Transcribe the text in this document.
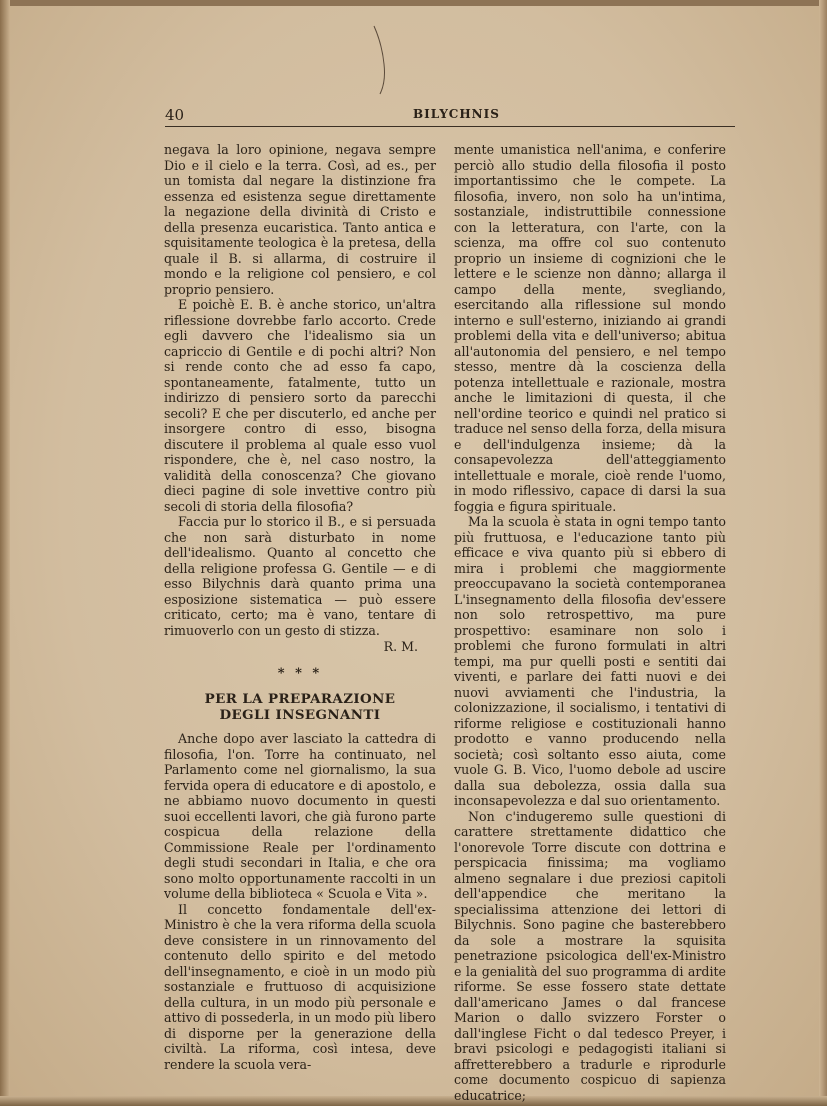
40	BILYCHNIS

negava la loro opinione, negava sempre Dio e il cielo e la terra. Così, ad es., per un tomista dal negare la distinzione fra essenza ed esistenza segue direttamente la negazione della divinità di Cristo e della presenza eucaristica. Tanto antica e squisitamente teologica è la pretesa, della quale il B. si allarma, di costruire il mondo e la religione col pensiero, e col proprio pensiero.

E poichè E. B. è anche storico, un'altra riflessione dovrebbe farlo accorto. Crede egli davvero che l'idealismo sia un capriccio di Gentile e di pochi altri? Non si rende conto che ad esso fa capo, spontaneamente, fatalmente, tutto un indirizzo di pensiero sorto da parecchi secoli? E che per discuterlo, ed anche per insorgere contro di esso, bisogna discutere il problema al quale esso vuol rispondere, che è, nel caso nostro, la validità della conoscenza? Che giovano dieci pagine di sole invettive contro più secoli di storia della filosofia?

Faccia pur lo storico il B., e si persuada che non sarà disturbato in nome dell'idealismo. Quanto al concetto che della religione professa G. Gentile — e di esso Bilychnis darà quanto prima una esposizione sistematica — può essere criticato, certo; ma è vano, tentare di rimuoverlo con un gesto di stizza.

R. M.
* * *
PER LA PREPARAZIONE
DEGLI INSEGNANTI

Anche dopo aver lasciato la cattedra di filosofia, l'on. Torre ha continuato, nel Parlamento come nel giornalismo, la sua fervida opera di educatore e di apostolo, e ne abbiamo nuovo documento in questi suoi eccellenti lavori, che già furono parte cospicua della relazione della Commissione Reale per l'ordinamento degli studi secondari in Italia, e che ora sono molto opportunamente raccolti in un volume della biblioteca « Scuola e Vita ».

Il concetto fondamentale dell'ex-Ministro è che la vera riforma della scuola deve consistere in un rinnovamento del contenuto dello spirito e del metodo dell'insegnamento, e cioè in un modo più sostanziale e fruttuoso di acquisizione della cultura, in un modo più personale e attivo di possederla, in un modo più libero di disporne per la generazione della civiltà. La riforma, così intesa, deve rendere la scuola vera-

mente umanistica nell'anima, e conferire perciò allo studio della filosofia il posto importantissimo che le compete. La filosofia, invero, non solo ha un'intima, sostanziale, indistruttibile connessione con la letteratura, con l'arte, con la scienza, ma offre col suo contenuto proprio un insieme di cognizioni che le lettere e le scienze non dànno; allarga il campo della mente, svegliando, esercitando alla riflessione sul mondo interno e sull'esterno, iniziando ai grandi problemi della vita e dell'universo; abitua all'autonomia del pensiero, e nel tempo stesso, mentre dà la coscienza della potenza intellettuale e razionale, mostra anche le limitazioni di questa, il che nell'ordine teorico e quindi nel pratico si traduce nel senso della forza, della misura e dell'indulgenza insieme; dà la consapevolezza dell'atteggiamento intellettuale e morale, cioè rende l'uomo, in modo riflessivo, capace di darsi la sua foggia e figura spirituale.

Ma la scuola è stata in ogni tempo tanto più fruttuosa, e l'educazione tanto più efficace e viva quanto più si ebbero di mira i problemi che maggiormente preoccupavano la società contemporanea L'insegnamento della filosofia dev'essere non solo retrospettivo, ma pure prospettivo: esaminare non solo i problemi che furono formulati in altri tempi, ma pur quelli posti e sentiti dai viventi, e parlare dei fatti nuovi e dei nuovi avviamenti che l'industria, la colonizzazione, il socialismo, i tentativi di riforme religiose e costituzionali hanno prodotto e vanno producendo nella società; così soltanto esso aiuta, come vuole G. B. Vico, l'uomo debole ad uscire dalla sua debolezza, ossia dalla sua inconsapevolezza e dal suo orientamento.

Non c'indugeremo sulle questioni di carattere strettamente didattico che l'onorevole Torre discute con dottrina e perspicacia finissima; ma vogliamo almeno segnalare i due preziosi capitoli dell'appendice che meritano la specialissima attenzione dei lettori di Bilychnis. Sono pagine che basterebbero da sole a mostrare la squisita penetrazione psicologica dell'ex-Ministro e la genialità del suo programma di ardite riforme. Se esse fossero state dettate dall'americano James o dal francese Marion o dallo svizzero Forster o dall'inglese Ficht o dal tedesco Preyer, i bravi psicologi e pedagogisti italiani si affretterebbero a tradurle e riprodurle come documento cospicuo di sapienza educatrice;
